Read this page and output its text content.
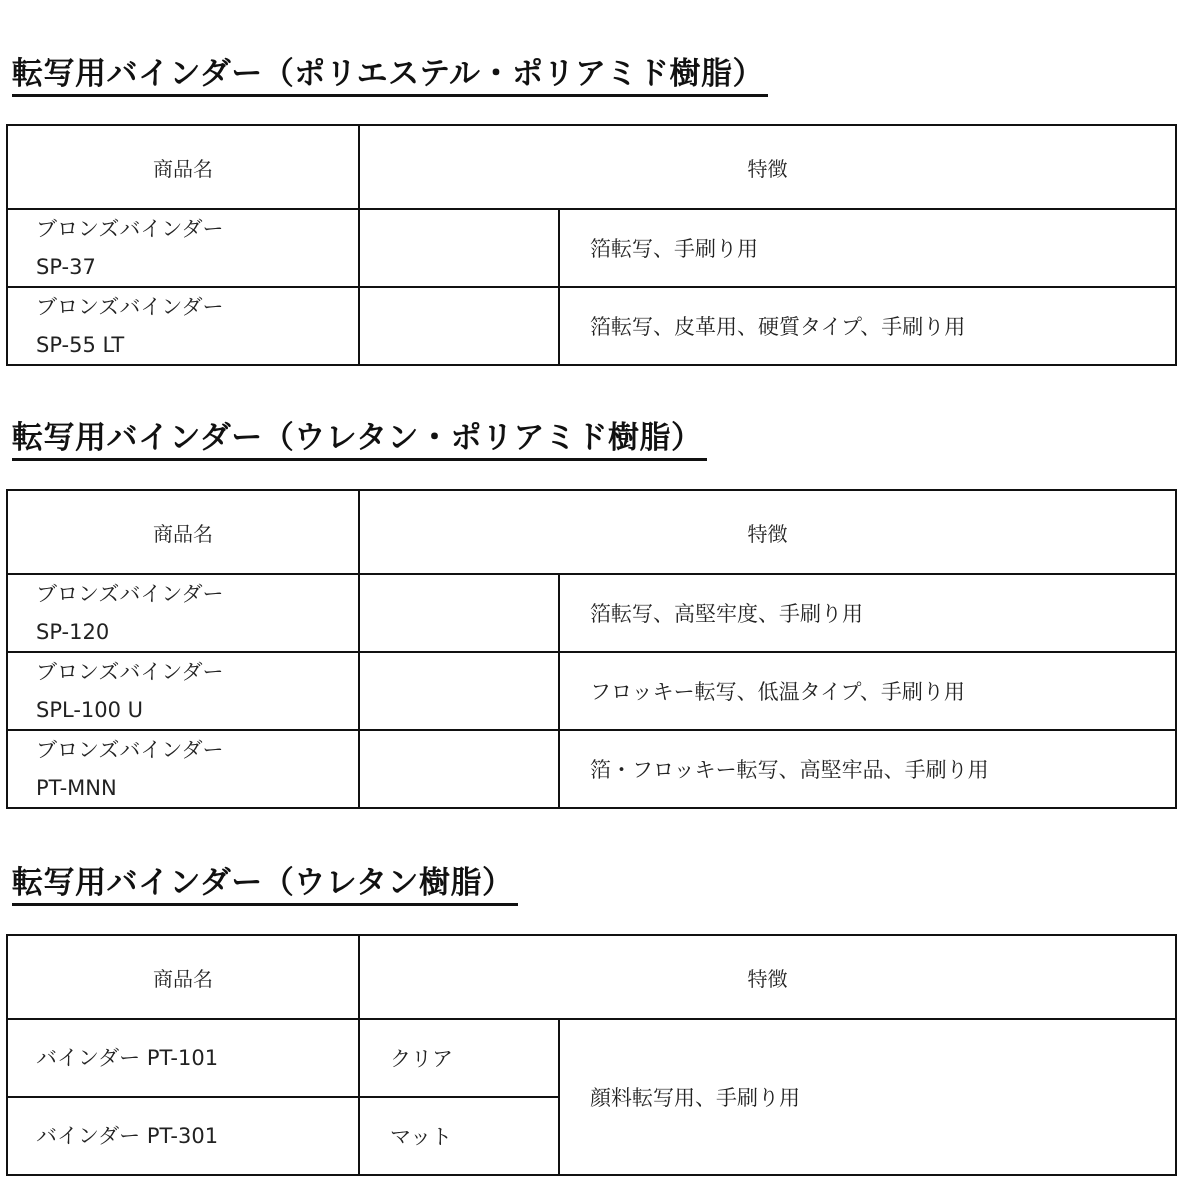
転写用バインダー（ポリエステル・ポリアミド樹脂）
商品名	特徴	

ブロンズバインダー
SP-37		箔転写、手刷り用

ブロンズバインダー
SP-55 LT		箔転写、皮革用、硬質タイプ、手刷り用
転写用バインダー（ウレタン・ポリアミド樹脂）
商品名	特徴	

ブロンズバインダー
SP-120		箔転写、高堅牢度、手刷り用

ブロンズバインダー
SPL-100 U		フロッキー転写、低温タイプ、手刷り用

ブロンズバインダー
PT-MNN		箔・フロッキー転写、高堅牢品、手刷り用
転写用バインダー（ウレタン樹脂）
商品名	特徴	
バインダー PT-101	クリア	顔料転写用、手刷り用
バインダー PT-301	マット	
